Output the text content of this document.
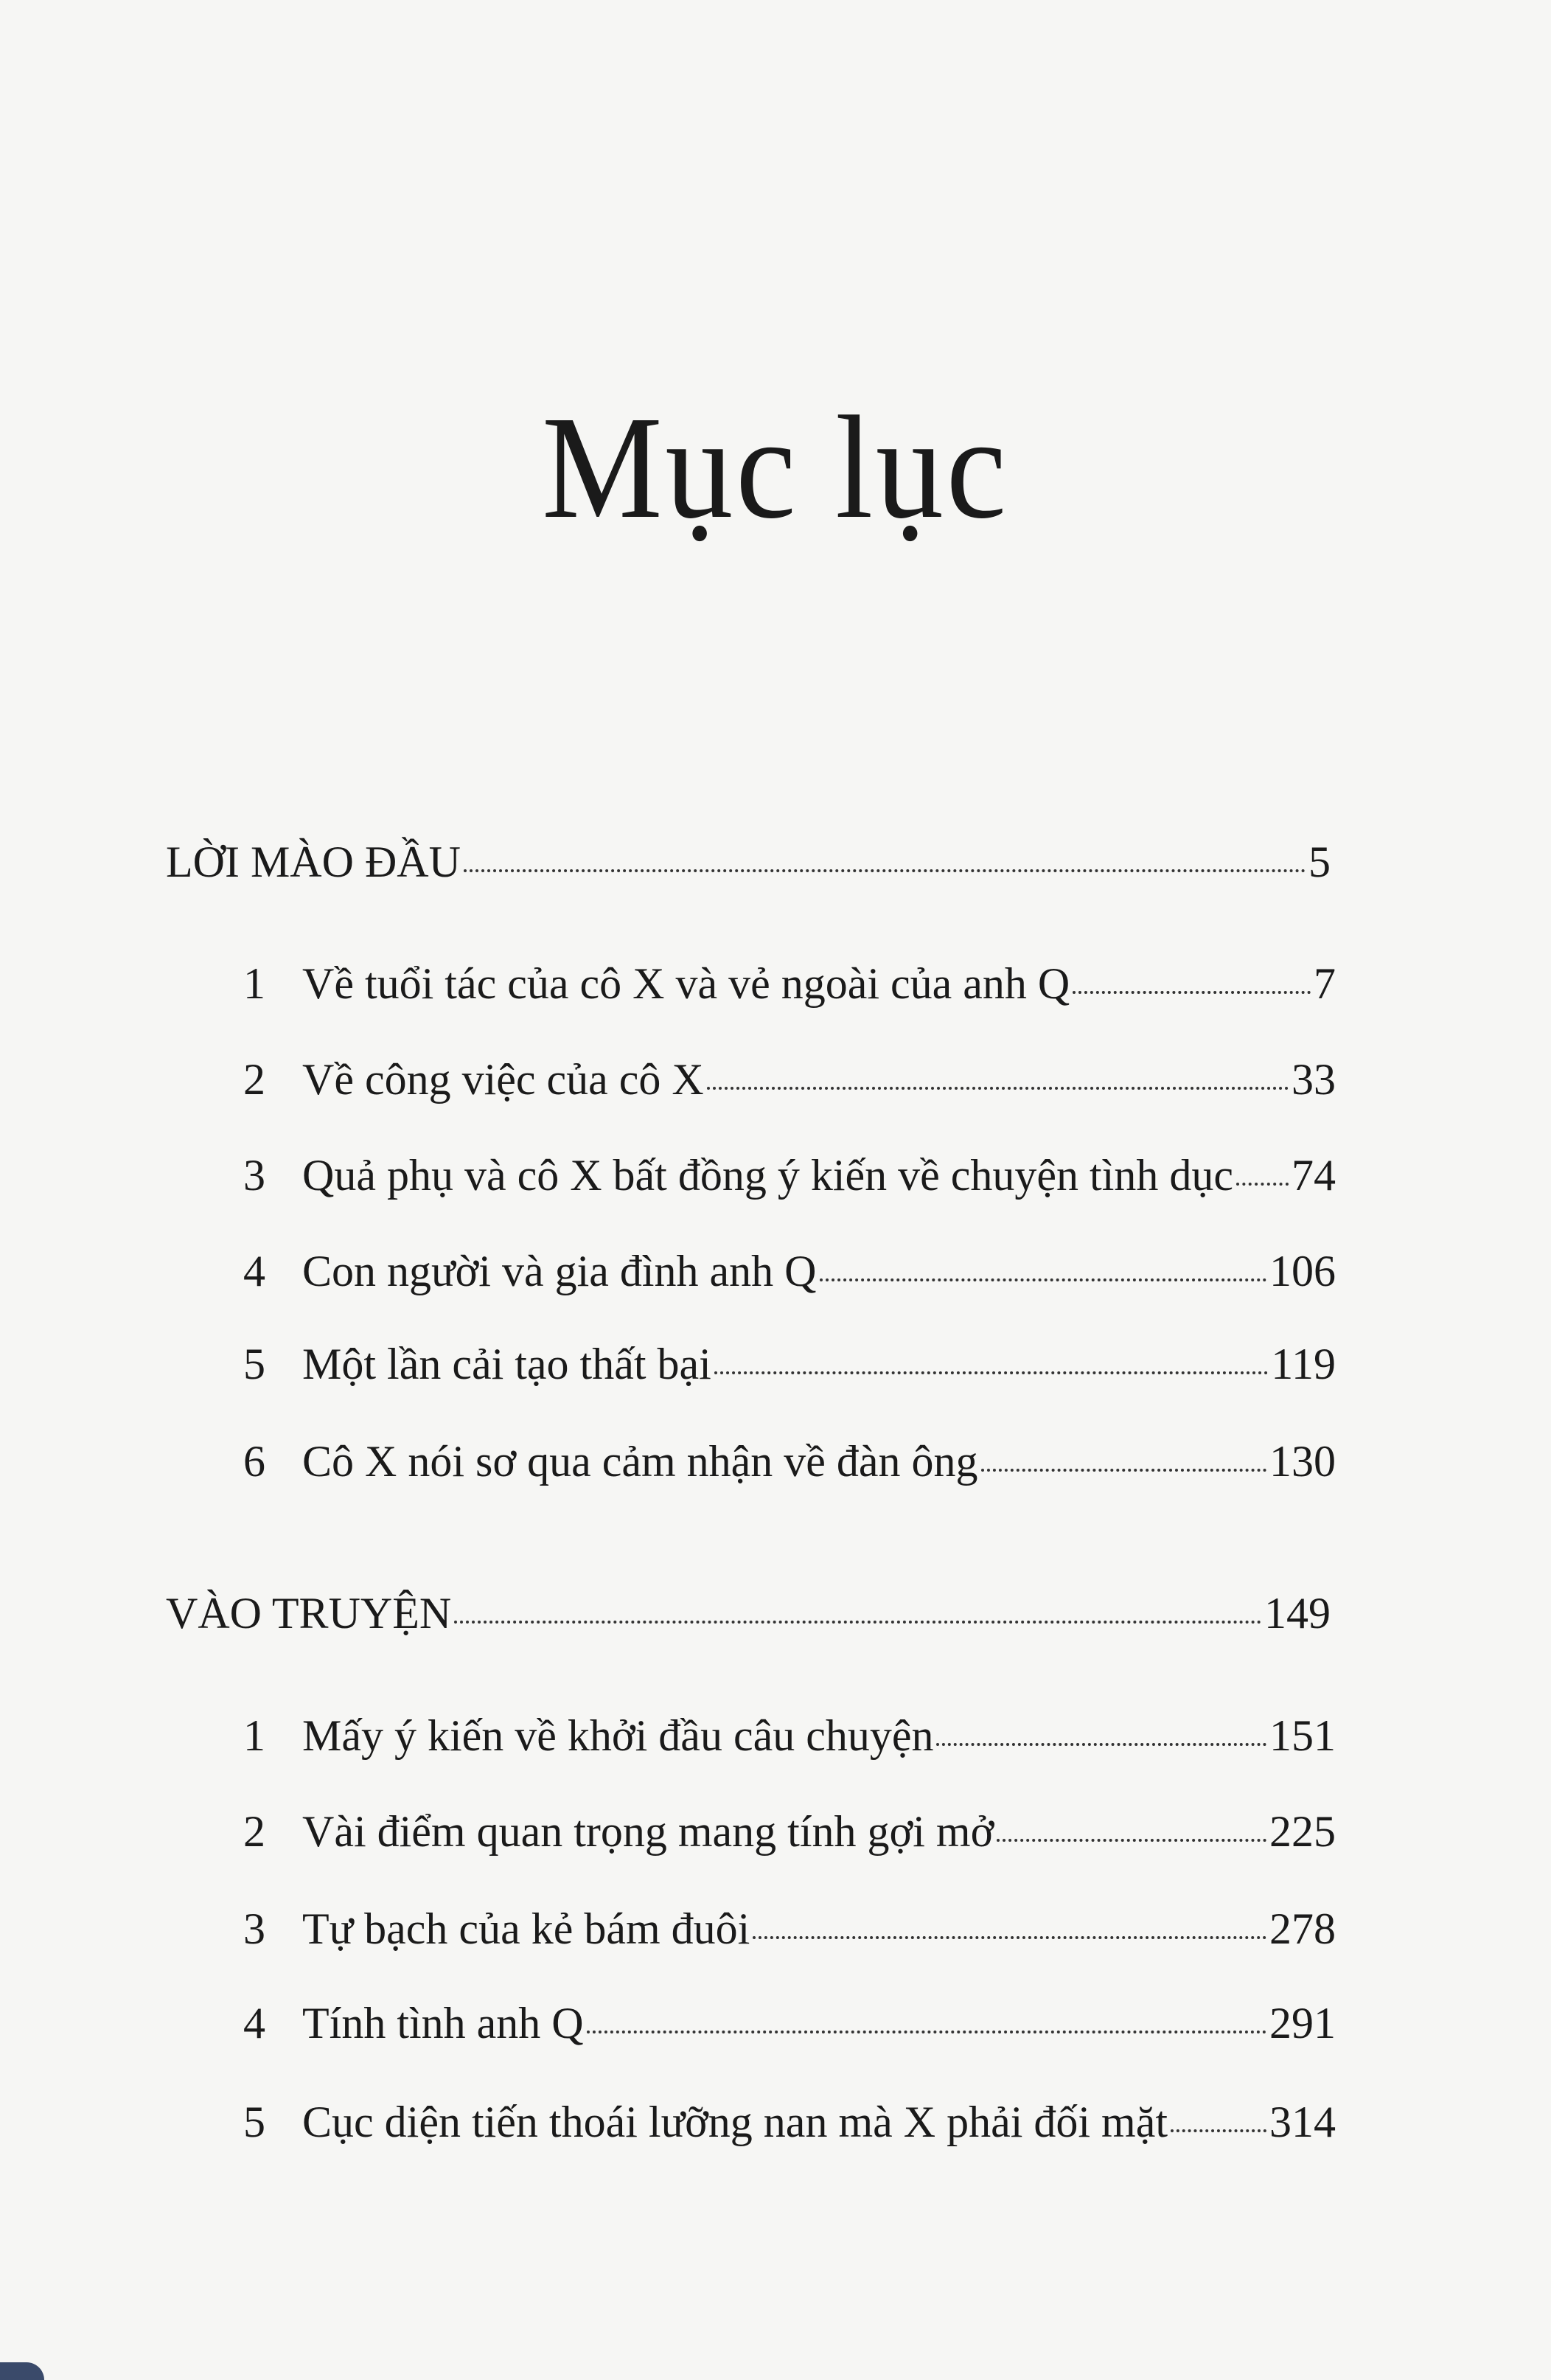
Mục lục
LỜI MÀO ĐẦU	5
1 Về tuổi tác của cô X và vẻ ngoài của anh Q	7
2 Về công việc của cô X	33
3 Quả phụ và cô X bất đồng ý kiến về chuyện tình dục 74
4 Con người và gia đình anh Q	106
5 Một lần cải tạo thất bại	119
6 Cô X nói sơ qua cảm nhận về đàn ông	130
VÀO TRUYỆN	149
1 Mấy ý kiến về khởi đầu câu chuyện	151
2 Vài điểm quan trọng mang tính gợi mở	225
3 Tự bạch của kẻ bám đuôi	278
4 Tính tình anh Q	291
5 Cục diện tiến thoái lưỡng nan mà X phải đối mặt 314
